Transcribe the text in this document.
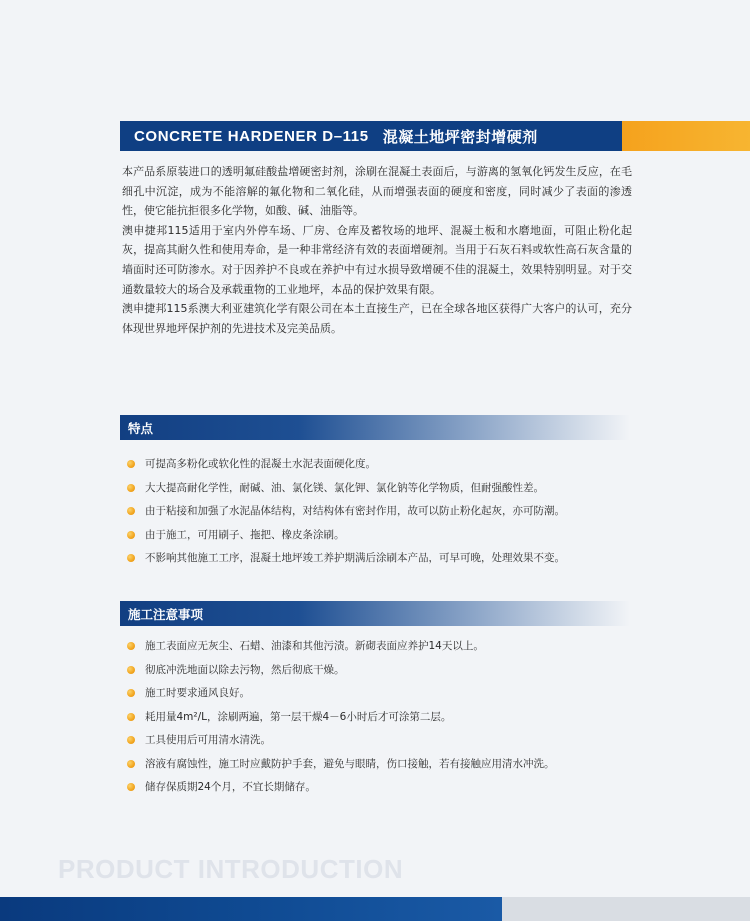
CONCRETE HARDENER D–115 混凝土地坪密封增硬剂

本产品系原装进口的透明氟硅酸盐增硬密封剂，涂刷在混凝土表面后，与游离的氢氧化钙发生反应，在毛细孔中沉淀，成为不能溶解的氟化物和二氧化硅，从而增强表面的硬度和密度，同时减少了表面的渗透性，使它能抗拒很多化学物，如酸、碱、油脂等。

澳申捷邦115适用于室内外停车场、厂房、仓库及蓄牧场的地坪、混凝土板和水磨地面，可阻止粉化起灰，提高其耐久性和使用寿命，是一种非常经济有效的表面增硬剂。当用于石灰石料或软性高石灰含量的墙面时还可防渗水。对于因养护不良或在养护中有过水损导致增硬不佳的混凝土，效果特别明显。对于交通数量较大的场合及承载重物的工业地坪，本品的保护效果有限。

澳申捷邦115系澳大利亚建筑化学有限公司在本土直接生产，已在全球各地区获得广大客户的认可，充分体现世界地坪保护剂的先进技术及完美品质。

特点
可提高多粉化或软化性的混凝土水泥表面硬化度。
大大提高耐化学性，耐碱、油、氯化镁、氯化钾、氯化钠等化学物质，但耐强酸性差。
由于粘接和加强了水泥晶体结构，对结构体有密封作用，故可以防止粉化起灰，亦可防潮。
由于施工，可用刷子、拖把、橡皮条涂刷。
不影响其他施工工序，混凝土地坪竣工养护期满后涂刷本产品，可早可晚，处理效果不变。
施工注意事项
施工表面应无灰尘、石蜡、油漆和其他污渍。新砌表面应养护14天以上。
彻底冲洗地面以除去污物，然后彻底干燥。
施工时要求通风良好。
耗用量4m²/L，涂刷两遍，第一层干燥4－6小时后才可涂第二层。
工具使用后可用清水清洗。
溶液有腐蚀性，施工时应戴防护手套，避免与眼睛，伤口接触，若有接触应用清水冲洗。
储存保质期24个月，不宜长期储存。
PRODUCT INTRODUCTION
